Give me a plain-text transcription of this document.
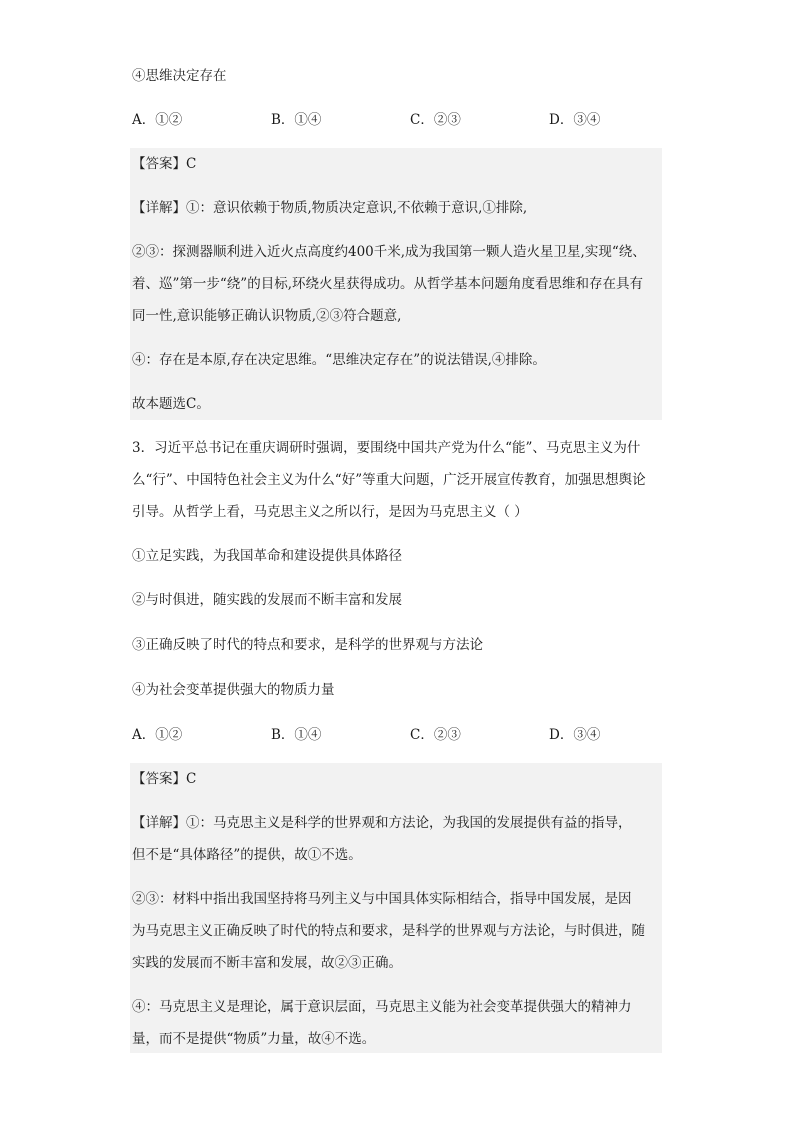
④思维决定存在
A．①②	B．①④	C．②③	D．③④
【答案】C
【详解】①：意识依赖于物质,物质决定意识,不依赖于意识,①排除,
②③：探测器顺利进入近火点高度约400千米,成为我国第一颗人造火星卫星,实现“绕、
着、巡”第一步“绕”的目标,环绕火星获得成功。从哲学基本问题角度看思维和存在具有
同一性,意识能够正确认识物质,②③符合题意,
④：存在是本原,存在决定思维。“思维决定存在”的说法错误,④排除。
故本题选C。
3．习近平总书记在重庆调研时强调，要围绕中国共产党为什么“能”、马克思主义为什
么“行”、中国特色社会主义为什么“好”等重大问题，广泛开展宣传教育，加强思想舆论
引导。从哲学上看，马克思主义之所以行，是因为马克思主义（ ）
①立足实践，为我国革命和建设提供具体路径
②与时俱进，随实践的发展而不断丰富和发展
③正确反映了时代的特点和要求，是科学的世界观与方法论
④为社会变革提供强大的物质力量
A．①②	B．①④	C．②③	D．③④
【答案】C
【详解】①：马克思主义是科学的世界观和方法论，为我国的发展提供有益的指导，
但不是“具体路径”的提供，故①不选。
②③：材料中指出我国坚持将马列主义与中国具体实际相结合，指导中国发展，是因
为马克思主义正确反映了时代的特点和要求，是科学的世界观与方法论，与时俱进，随
实践的发展而不断丰富和发展，故②③正确。
④：马克思主义是理论，属于意识层面，马克思主义能为社会变革提供强大的精神力
量，而不是提供“物质”力量，故④不选。
